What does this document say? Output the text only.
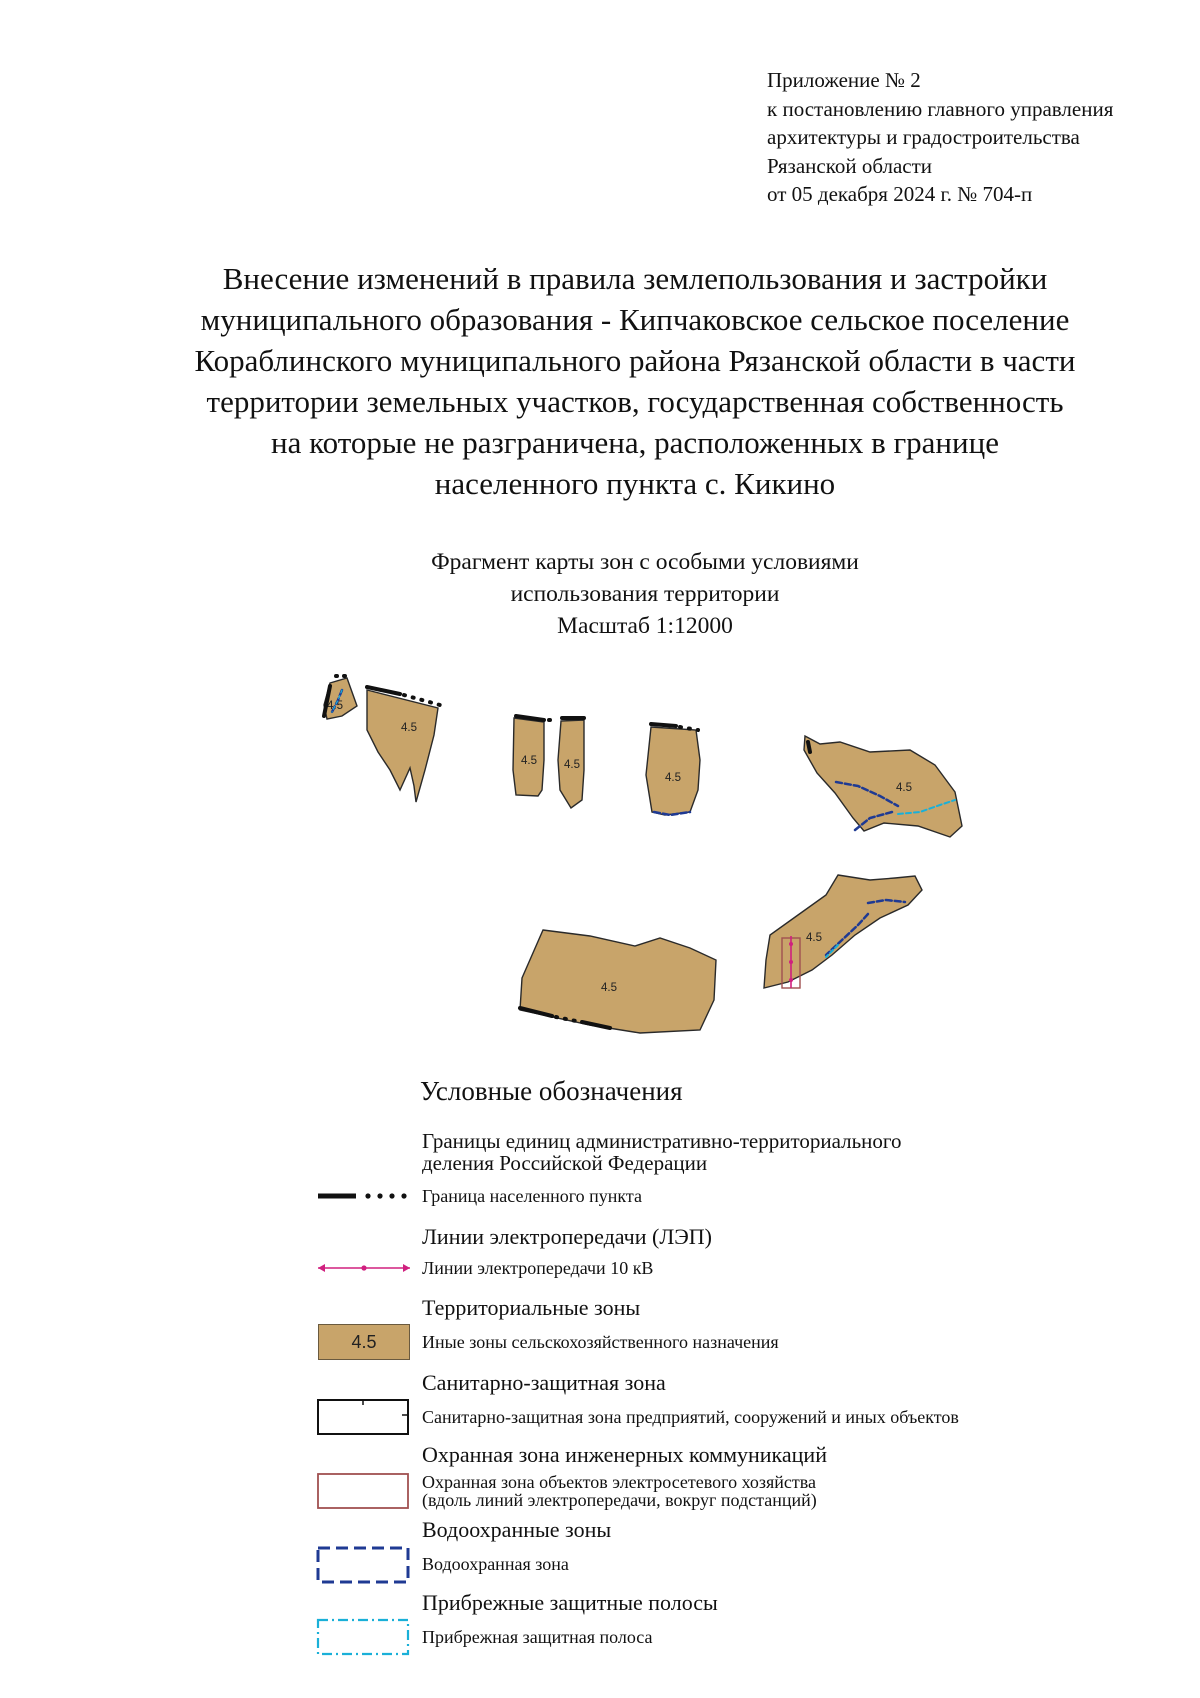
Приложение № 2
к постановлению главного управления
архитектуры и градостроительства
Рязанской области
от 05 декабря 2024 г. № 704-п
Внесение изменений в правила землепользования и застройки
муниципального образования - Кипчаковское сельское поселение
Кораблинского муниципального района Рязанской области в части
территории земельных участков, государственная собственность
на которые не разграничена, расположенных в границе
населенного пункта с. Кикино
Фрагмент карты зон с особыми условиями
использования территории
Масштаб 1:12000
4.5
4.5
4.5 4.5
4.5
4.5
4.5
4.5
Условные обозначения
Границы единиц административно-территориального
деления Российской Федерации
Граница населенного пункта
Линии электропередачи (ЛЭП)
Линии электропередачи 10 кВ
Территориальные зоны
4.5	Иные зоны сельскохозяйственного назначения
Санитарно-защитная зона
Санитарно-защитная зона предприятий, сооружений и иных объектов
Охранная зона инженерных коммуникаций
Охранная зона объектов электросетевого хозяйства
(вдоль линий электропередачи, вокруг подстанций)
Водоохранные зоны
Водоохранная зона
Прибрежные защитные полосы
Прибрежная защитная полоса
